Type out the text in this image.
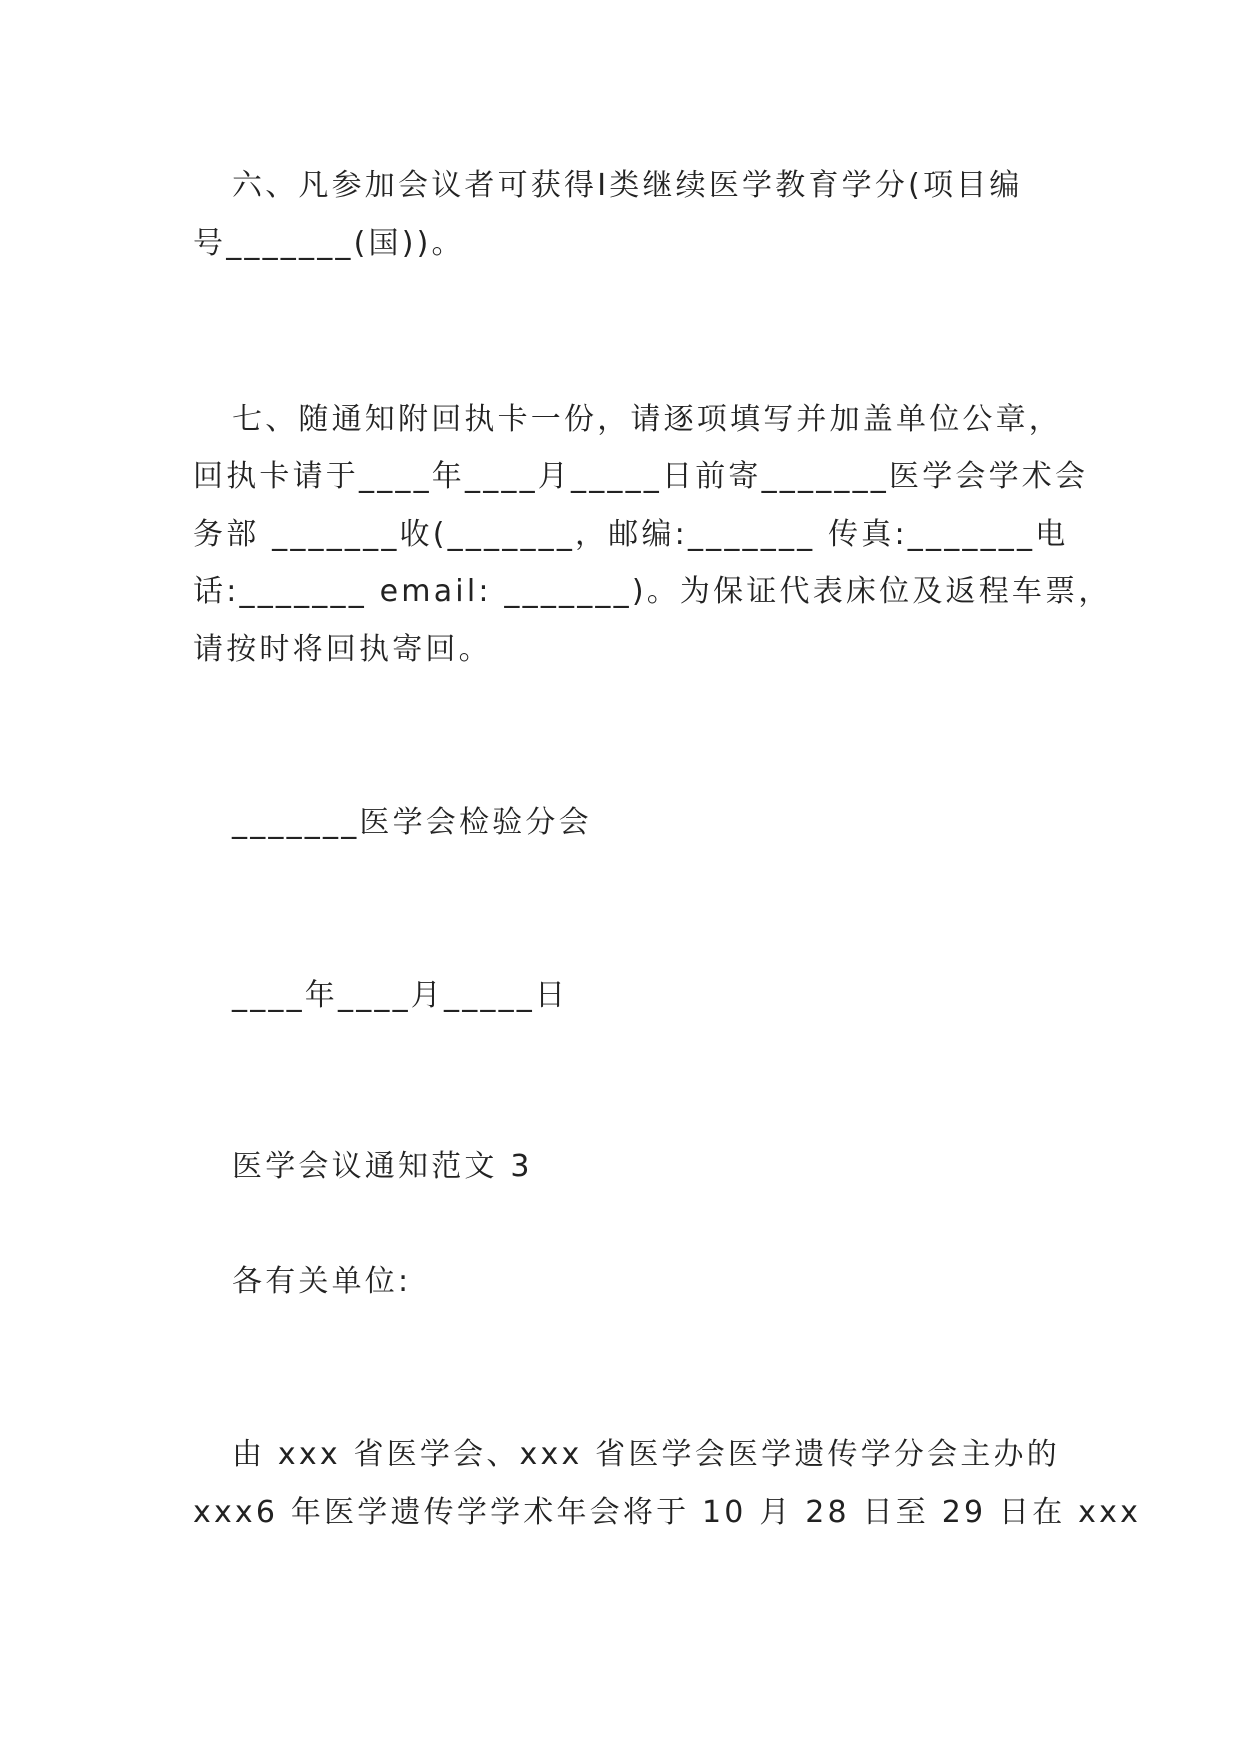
六、凡参加会议者可获得Ⅰ类继续医学教育学分(项目编
号_______(国))。
七、随通知附回执卡一份，请逐项填写并加盖单位公章，
回执卡请于____年____月_____日前寄_______医学会学术会
务部 _______收(_______，邮编:_______ 传真:_______电
话:_______ email: _______)。为保证代表床位及返程车票，
请按时将回执寄回。
_______医学会检验分会
____年____月_____日
医学会议通知范文 3
各有关单位:
由 xxx 省医学会、xxx 省医学会医学遗传学分会主办的
xxx6 年医学遗传学学术年会将于 10 月 28 日至 29 日在 xxx
